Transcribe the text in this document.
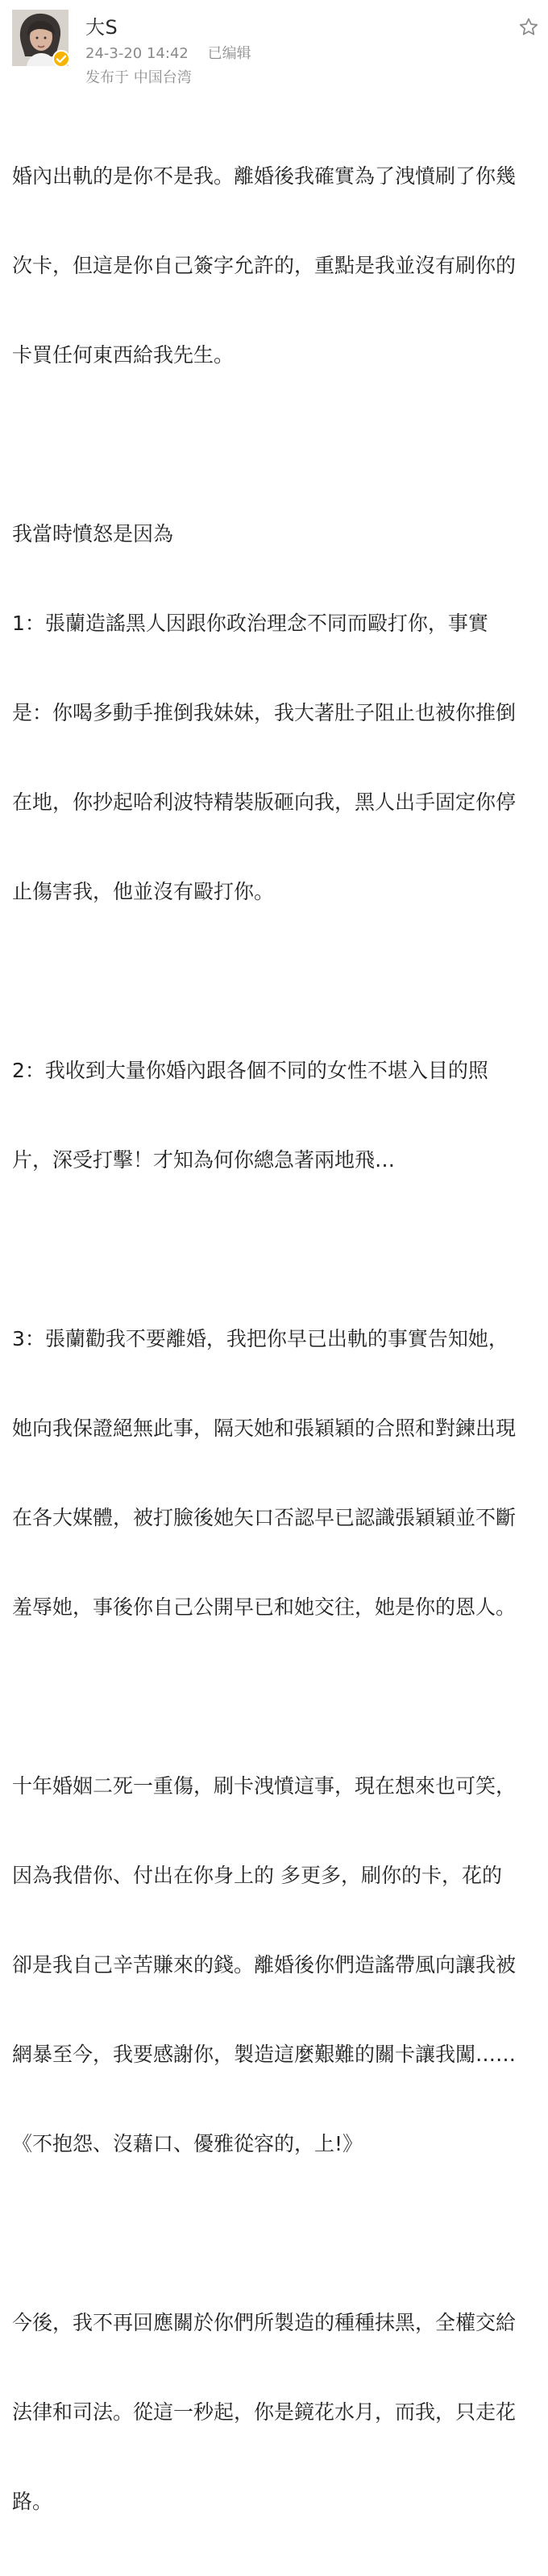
大S
24-3-20 14:42 已编辑
发布于 中国台湾

婚內出軌的是你不是我。離婚後我確實為了洩憤刷了你幾

次卡，但這是你自己簽字允許的，重點是我並沒有刷你的

卡買任何東西給我先生。

我當時憤怒是因為

1：張蘭造謠黑人因跟你政治理念不同而毆打你，事實

是：你喝多動手推倒我妹妹，我大著肚子阻止也被你推倒

在地，你抄起哈利波特精裝版砸向我，黑人出手固定你停

止傷害我，他並沒有毆打你。

2：我收到大量你婚內跟各個不同的女性不堪入目的照

片，深受打擊！才知為何你總急著兩地飛…

3：張蘭勸我不要離婚，我把你早已出軌的事實告知她，

她向我保證絕無此事，隔天她和張穎穎的合照和對鍊出現

在各大媒體，被打臉後她矢口否認早已認識張穎穎並不斷

羞辱她，事後你自己公開早已和她交往，她是你的恩人。

十年婚姻二死一重傷，刷卡洩憤這事，現在想來也可笑，

因為我借你、付出在你身上的 多更多，刷你的卡，花的

卻是我自己辛苦賺來的錢。離婚後你們造謠帶風向讓我被

網暴至今，我要感謝你，製造這麼艱難的關卡讓我闖……

《不抱怨、沒藉口、優雅從容的，上!》

今後，我不再回應關於你們所製造的種種抹黑，全權交給

法律和司法。從這一秒起，你是鏡花水月，而我，只走花

路。
